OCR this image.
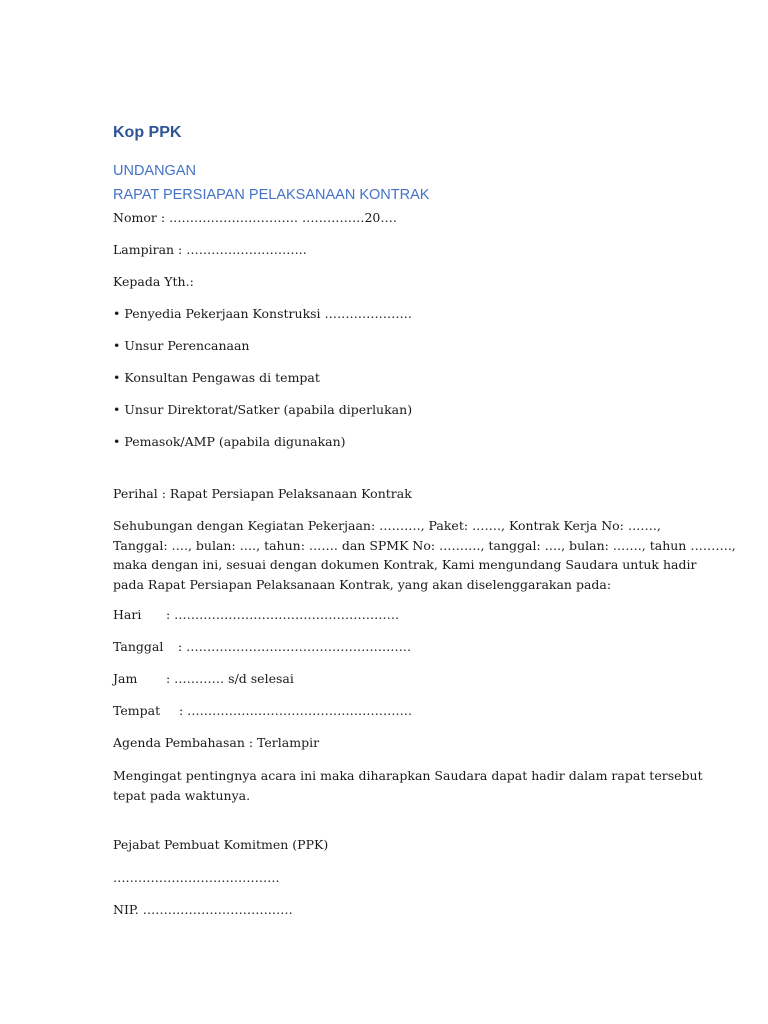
Kop PPK
UNDANGAN
RAPAT PERSIAPAN PELAKSANAAN KONTRAK
Nomor : …………………………. ……………20….
Lampiran : ………………………..
Kepada Yth.:
• Penyedia Pekerjaan Konstruksi …………………
• Unsur Perencanaan
• Konsultan Pengawas di tempat
• Unsur Direktorat/Satker (apabila diperlukan)
• Pemasok/AMP (apabila digunakan)
Perihal : Rapat Persiapan Pelaksanaan Kontrak
Sehubungan dengan Kegiatan Pekerjaan: ………., Paket: ……., Kontrak Kerja No: …….,
Tanggal: …., bulan: …., tahun: ……. dan SPMK No: ………., tanggal: …., bulan: ……., tahun ……….,
maka dengan ini, sesuai dengan dokumen Kontrak, Kami mengundang Saudara untuk hadir
pada Rapat Persiapan Pelaksanaan Kontrak, yang akan diselenggarakan pada:
Hari : ………………………………………………
Tanggal : ………………………………………………
Jam : ………… s/d selesai
Tempat : ………………………………………………
Agenda Pembahasan : Terlampir
Mengingat pentingnya acara ini maka diharapkan Saudara dapat hadir dalam rapat tersebut
tepat pada waktunya.
Pejabat Pembuat Komitmen (PPK)
………………………………….
NIP. ………………………………
